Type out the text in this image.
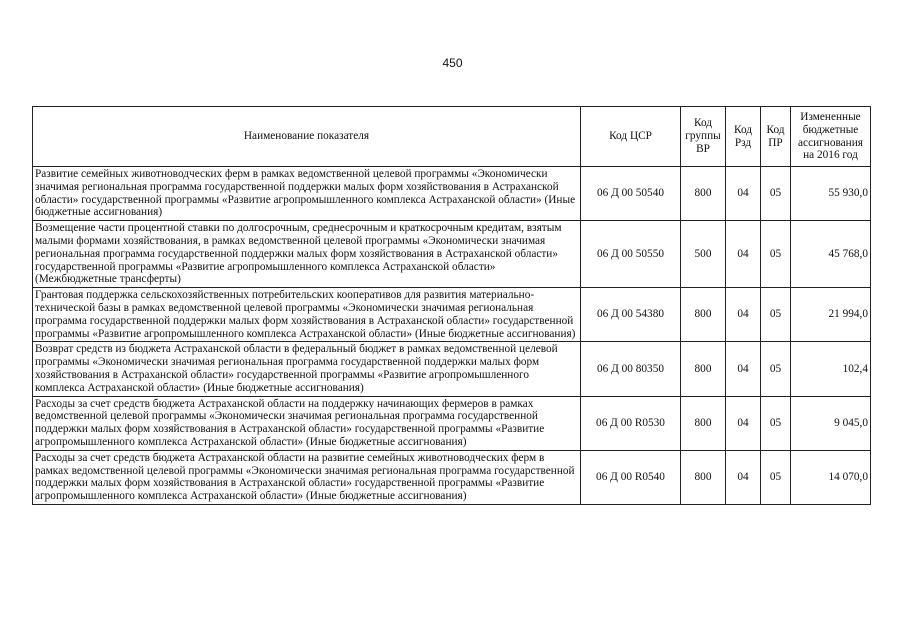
450
Наименование показателя	Код ЦСР	Код группы ВР	Код Рзд	Код ПР	Измененные бюджетные ассигнования на 2016 год
Развитие семейных животноводческих ферм в рамках ведомственной целевой программы «Экономически значимая региональная программа государственной поддержки малых форм хозяйствования в Астраханской области» государственной программы «Развитие агропромышленного комплекса Астраханской области» (Иные бюджетные ассигнования)	06 Д 00 50540	800	04	05	55 930,0
Возмещение части процентной ставки по долгосрочным, среднесрочным и краткосрочным кредитам, взятым малыми формами хозяйствования, в рамках ведомственной целевой программы «Экономически значимая региональная программа государственной поддержки малых форм хозяйствования в Астраханской области» государственной программы «Развитие агропромышленного комплекса Астраханской области» (Межбюджетные трансферты)	06 Д 00 50550	500	04	05	45 768,0
Грантовая поддержка сельскохозяйственных потребительских кооперативов для развития материально-технической базы в рамках ведомственной целевой программы «Экономически значимая региональная программа государственной поддержки малых форм хозяйствования в Астраханской области» государственной программы «Развитие агропромышленного комплекса Астраханской области» (Иные бюджетные ассигнования)	06 Д 00 54380	800	04	05	21 994,0
Возврат средств из бюджета Астраханской области в федеральный бюджет в рамках ведомственной целевой программы «Экономически значимая региональная программа государственной поддержки малых форм хозяйствования в Астраханской области» государственной программы «Развитие агропромышленного комплекса Астраханской области» (Иные бюджетные ассигнования)	06 Д 00 80350	800	04	05	102,4
Расходы за счет средств бюджета Астраханской области на поддержку начинающих фермеров в рамках ведомственной целевой программы «Экономически значимая региональная программа государственной поддержки малых форм хозяйствования в Астраханской области» государственной программы «Развитие агропромышленного комплекса Астраханской области» (Иные бюджетные ассигнования)	06 Д 00 R0530	800	04	05	9 045,0
Расходы за счет средств бюджета Астраханской области на развитие семейных животноводческих ферм в рамках ведомственной целевой программы «Экономически значимая региональная программа государственной поддержки малых форм хозяйствования в Астраханской области» государственной программы «Развитие агропромышленного комплекса Астраханской области» (Иные бюджетные ассигнования)	06 Д 00 R0540	800	04	05	14 070,0
